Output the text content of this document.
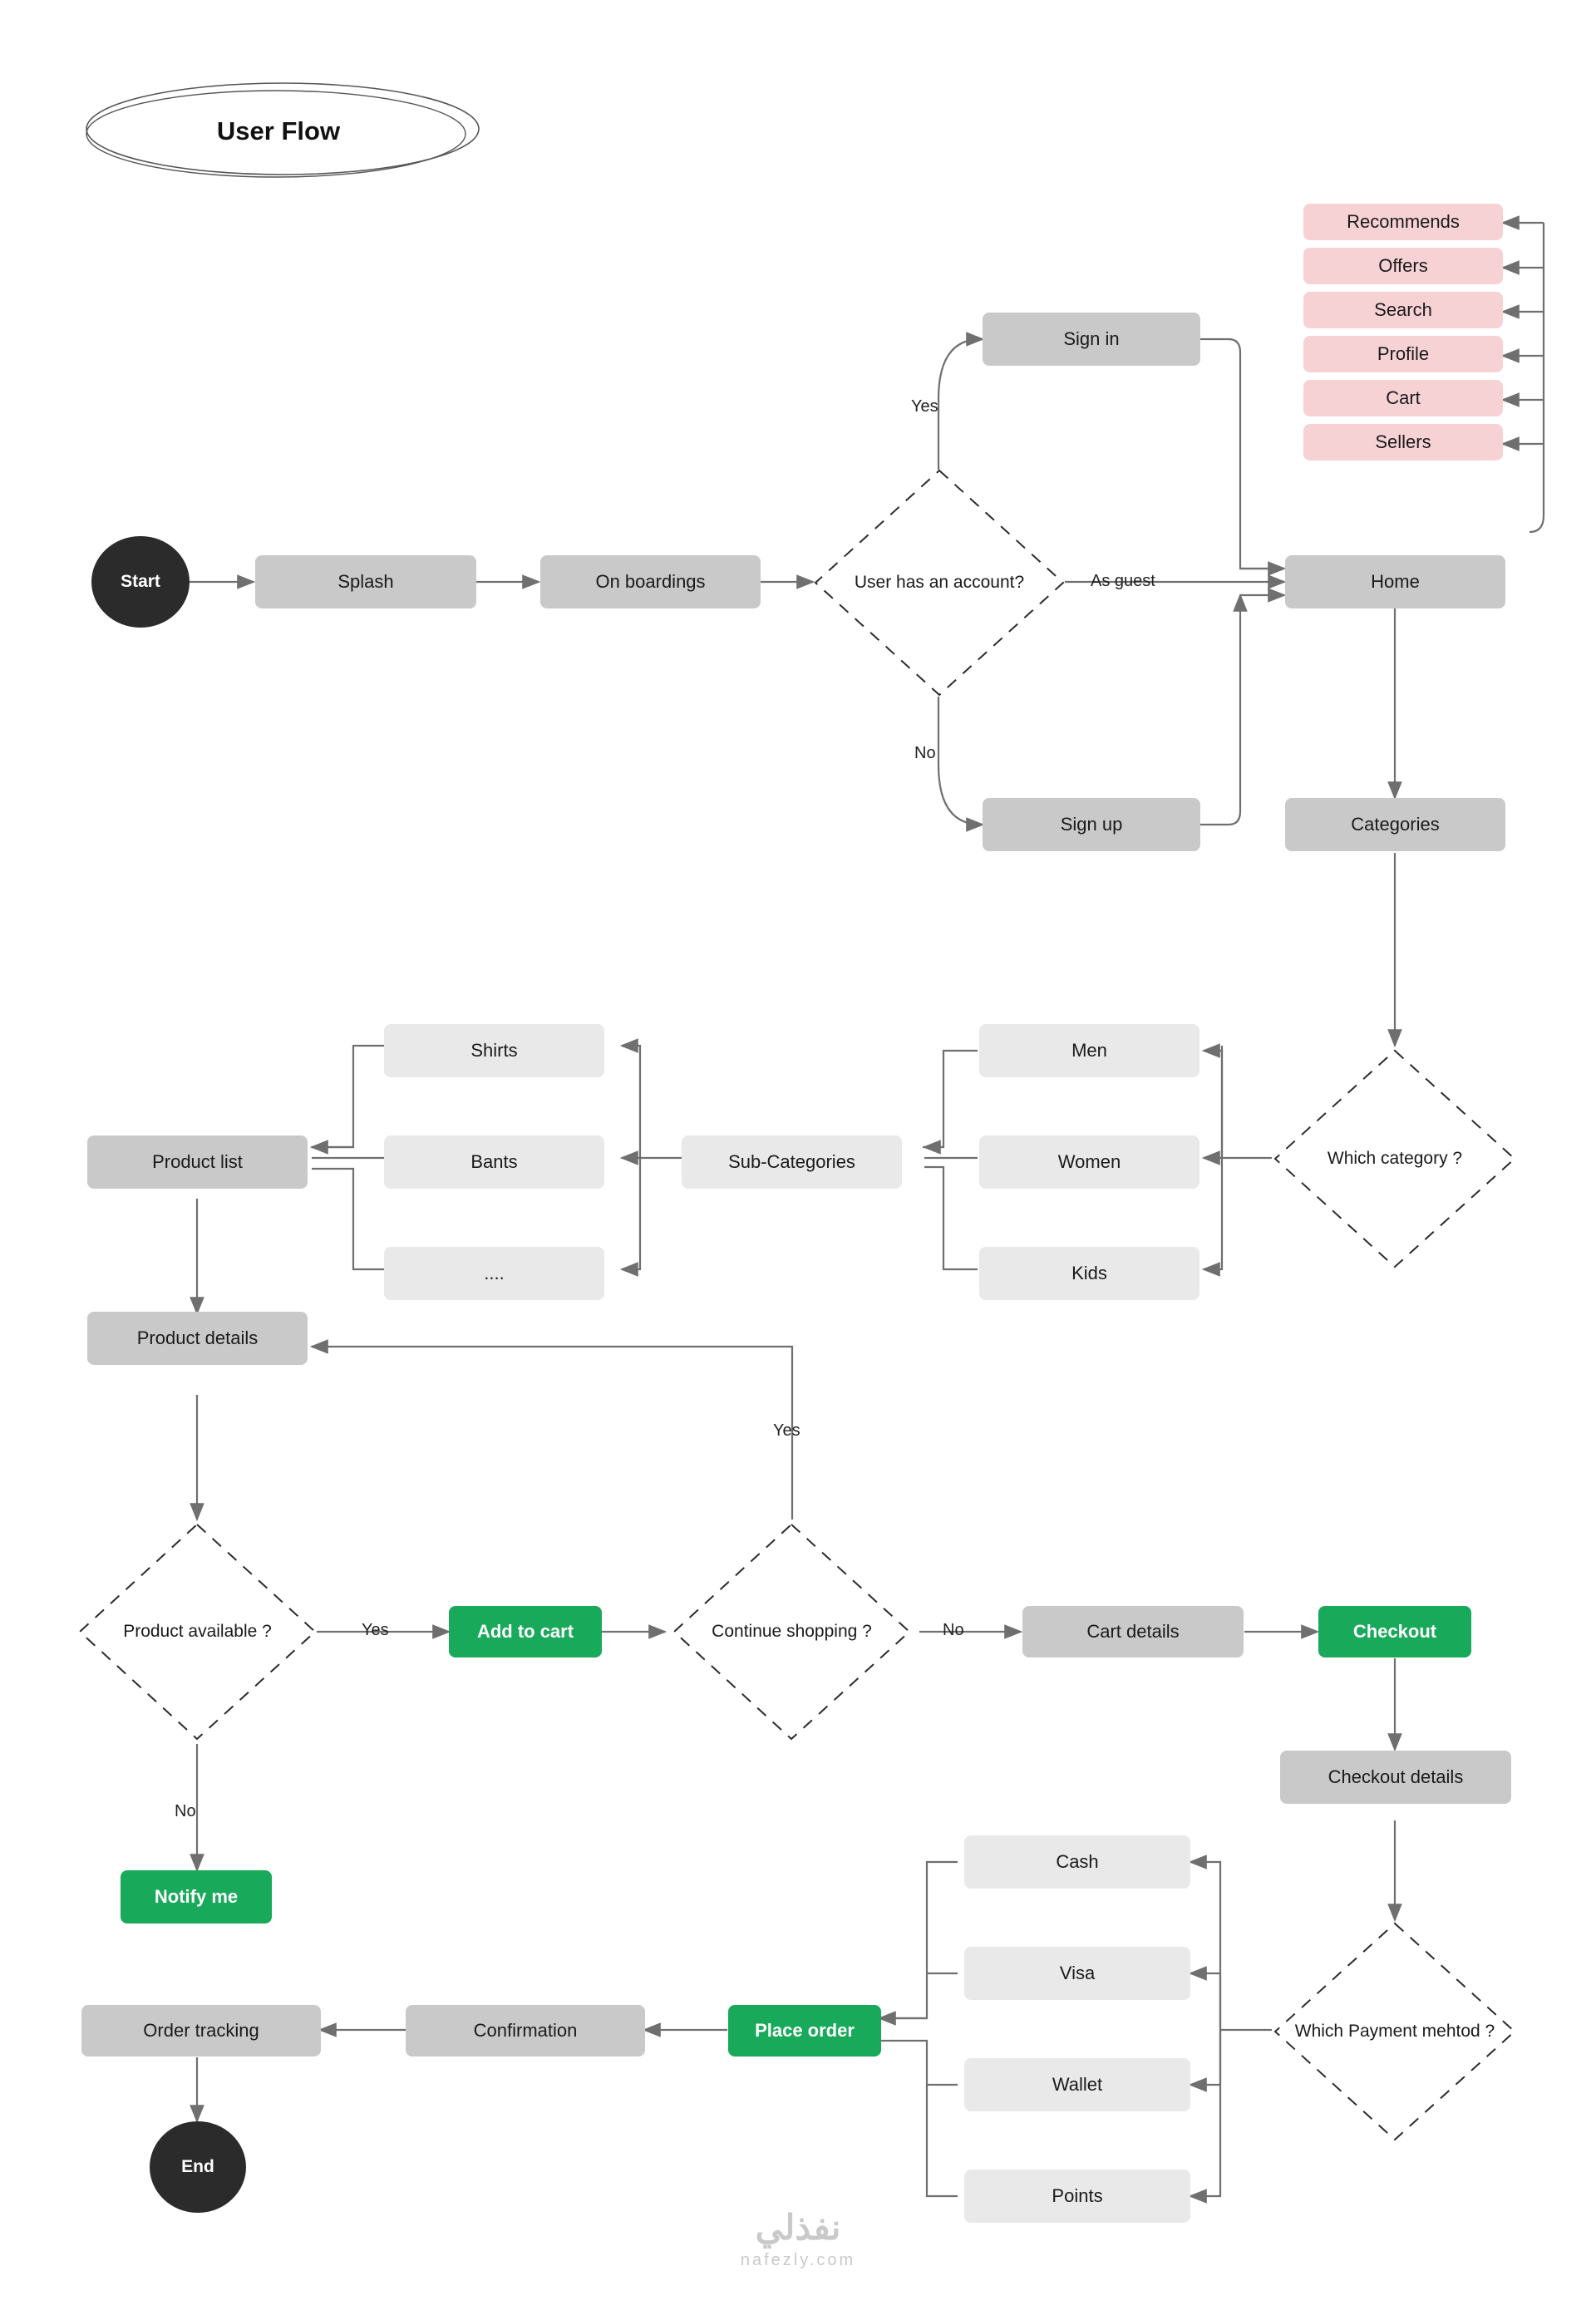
User Flow
Start	Splash	On boardings	User has an account?
Sign in
Sign up
Home
Categories
Recommends
Offers
Search
Profile
Cart
Sellers
Which category ?
Men
Women
Kids
Sub-Categories
Shirts
Bants
....
Product list
Product details
Product available ?
Notify me
Add to cart	Continue shopping ?	Cart details	Checkout
Checkout details
Which Payment mehtod ?
Cash
Visa
Wallet
Points
Place order
Confirmation
Order tracking
End
Yes
No
As guest
Yes
No
Yes
No
نفذلي
nafezly.com
